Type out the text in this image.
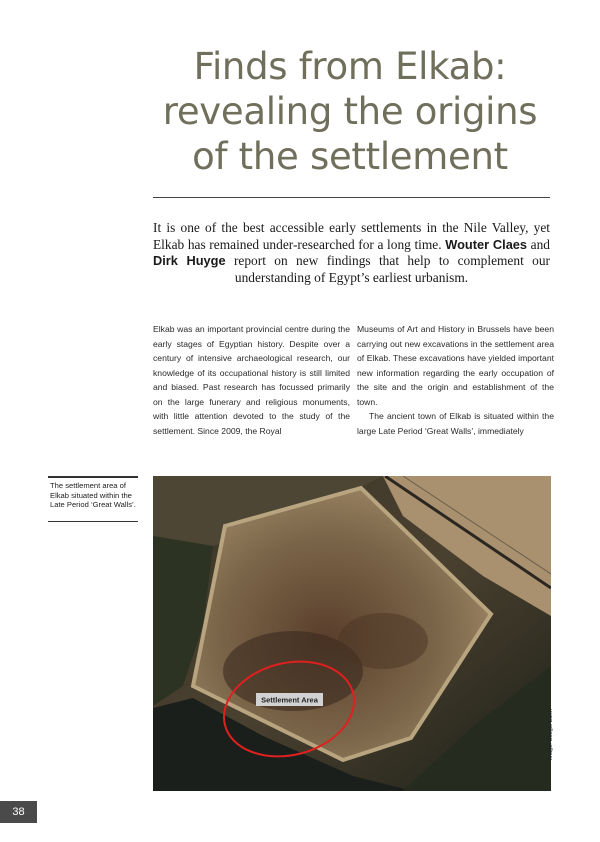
Finds from Elkab:
revealing the origins
of the settlement
It is one of the best accessible early settlements in the Nile Valley, yet Elkab has remained under-researched for a long time. Wouter Claes and Dirk Huyge report on new findings that help to complement our understanding of Egypt’s earliest urbanism.

Elkab was an important provincial centre during the early stages of Egyptian history. Despite over a century of intensive archaeological research, our knowledge of its occupational history is still limited and biased. Past research has focussed primarily on the large funerary and religious monuments, with little attention devoted to the study of the settlement. Since 2009, the Royal

Museums of Art and History in Brussels have been carrying out new excavations in the settlement area of Elkab. These excavations have yielded important new information regarding the early occupation of the site and the origin and establishment of the town.

The ancient town of Elkab is situated within the large Late Period ‘Great Walls’, immediately

The settlement area of Elkab situated within the Late Period ‘Great Walls’.
Settlement Area
Image: Google Earth
38
